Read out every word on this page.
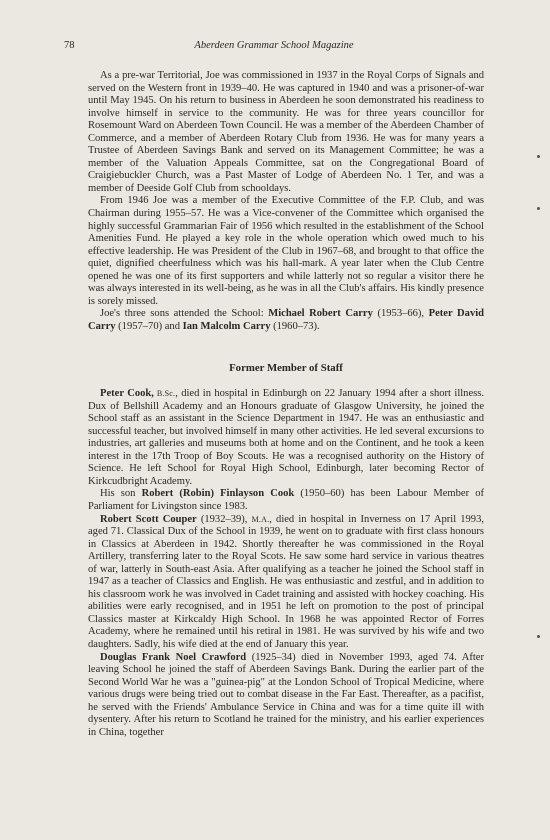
78	Aberdeen Grammar School Magazine

As a pre-war Territorial, Joe was commissioned in 1937 in the Royal Corps of Signals and served on the Western front in 1939–40. He was captured in 1940 and was a prisoner-of-war until May 1945. On his return to business in Aberdeen he soon demonstrated his readiness to involve himself in service to the community. He was for three years councillor for Rosemount Ward on Aberdeen Town Council. He was a member of the Aberdeen Chamber of Commerce, and a member of Aberdeen Rotary Club from 1936. He was for many years a Trustee of Aberdeen Savings Bank and served on its Management Committee; he was a member of the Valuation Appeals Committee, sat on the Congregational Board of Craigiebuckler Church, was a Past Master of Lodge of Aberdeen No. 1 Ter, and was a member of Deeside Golf Club from schooldays.

From 1946 Joe was a member of the Executive Committee of the F.P. Club, and was Chairman during 1955–57. He was a Vice-convener of the Committee which organised the highly successful Grammarian Fair of 1956 which resulted in the establishment of the School Amenities Fund. He played a key role in the whole operation which owed much to his effective leadership. He was President of the Club in 1967–68, and brought to that office the quiet, dignified cheerfulness which was his hall-mark. A year later when the Club Centre opened he was one of its first supporters and while latterly not so regular a visitor there he was always interested in its well-being, as he was in all the Club's affairs. His kindly presence is sorely missed.

Joe's three sons attended the School: Michael Robert Carry (1953–66), Peter David Carry (1957–70) and Ian Malcolm Carry (1960–73).

Former Member of Staff

Peter Cook, B.Sc., died in hospital in Edinburgh on 22 January 1994 after a short illness. Dux of Bellshill Academy and an Honours graduate of Glasgow University, he joined the School staff as an assistant in the Science Department in 1947. He was an enthusiastic and successful teacher, but involved himself in many other activities. He led several excursions to industries, art galleries and museums both at home and on the Continent, and he took a keen interest in the 17th Troop of Boy Scouts. He was a recognised authority on the History of Science. He left School for Royal High School, Edinburgh, later becoming Rector of Kirkcudbright Academy.

His son Robert (Robin) Finlayson Cook (1950–60) has been Labour Member of Parliament for Livingston since 1983.

Robert Scott Couper (1932–39), M.A., died in hospital in Inverness on 17 April 1993, aged 71. Classical Dux of the School in 1939, he went on to graduate with first class honours in Classics at Aberdeen in 1942. Shortly thereafter he was commissioned in the Royal Artillery, transferring later to the Royal Scots. He saw some hard service in various theatres of war, latterly in South-east Asia. After qualifying as a teacher he joined the School staff in 1947 as a teacher of Classics and English. He was enthusiastic and zestful, and in addition to his classroom work he was involved in Cadet training and assisted with hockey coaching. His abilities were early recognised, and in 1951 he left on promotion to the post of principal Classics master at Kirkcaldy High School. In 1968 he was appointed Rector of Forres Academy, where he remained until his retiral in 1981. He was survived by his wife and two daughters. Sadly, his wife died at the end of January this year.

Douglas Frank Noel Crawford (1925–34) died in November 1993, aged 74. After leaving School he joined the staff of Aberdeen Savings Bank. During the earlier part of the Second World War he was a "guinea-pig" at the London School of Tropical Medicine, where various drugs were being tried out to combat disease in the Far East. Thereafter, as a pacifist, he served with the Friends' Ambulance Service in China and was for a time quite ill with dysentery. After his return to Scotland he trained for the ministry, and his earlier experiences in China, together
